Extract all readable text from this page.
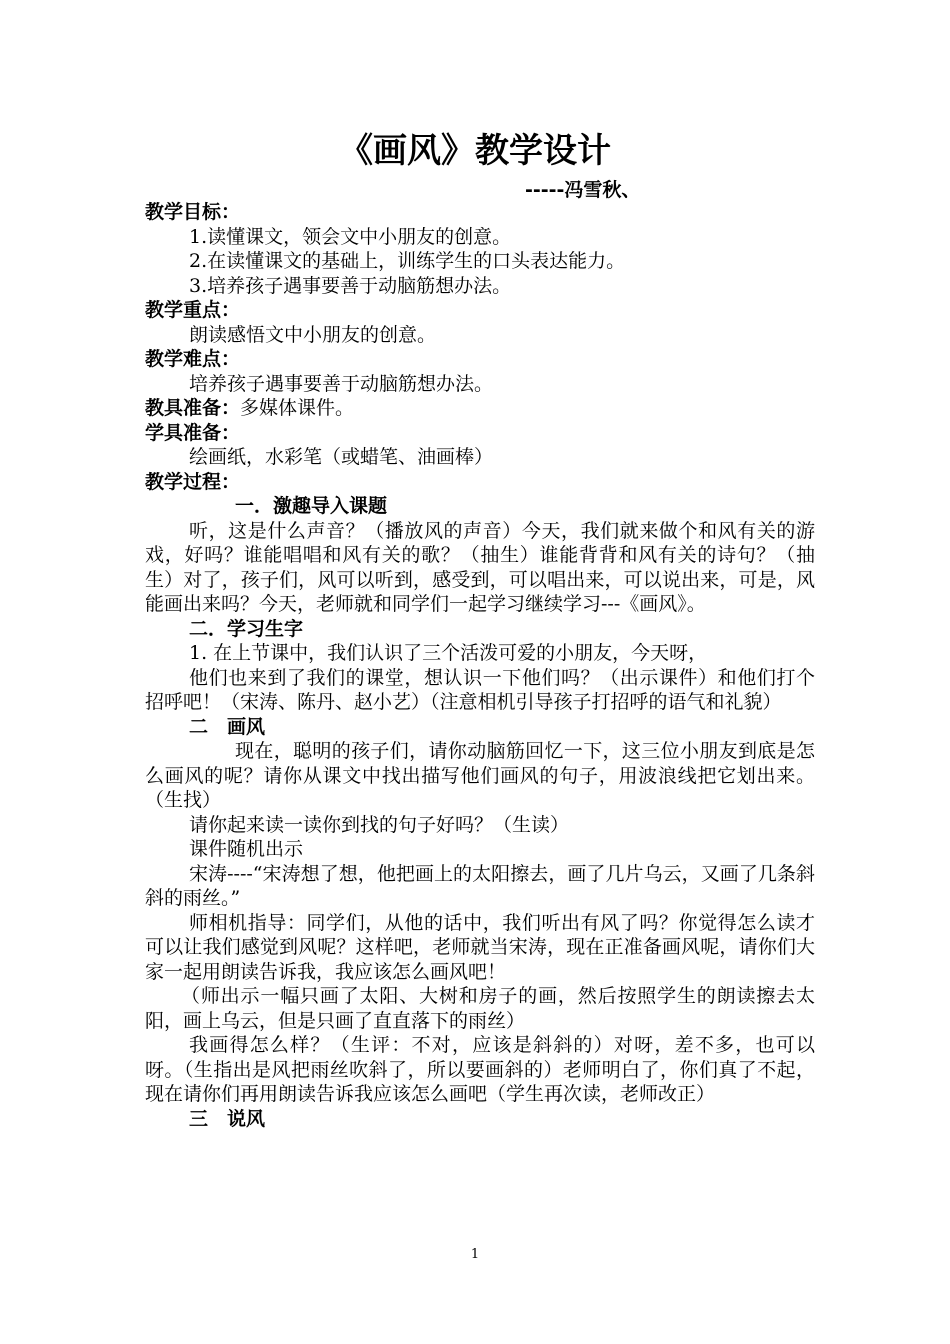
《画风》教学设计
-----冯雪秋、

教学目标：

1.读懂课文，领会文中小朋友的创意。

2.在读懂课文的基础上，训练学生的口头表达能力。

3.培养孩子遇事要善于动脑筋想办法。

教学重点：

朗读感悟文中小朋友的创意。

教学难点：

培养孩子遇事要善于动脑筋想办法。

教具准备：多媒体课件。

学具准备：

绘画纸，水彩笔（或蜡笔、油画棒）

教学过程：

一．激趣导入课题

听，这是什么声音？（播放风的声音）今天，我们就来做个和风有关的游戏，好吗？谁能唱唱和风有关的歌？（抽生）谁能背背和风有关的诗句？（抽生）对了，孩子们，风可以听到，感受到，可以唱出来，可以说出来，可是，风能画出来吗？今天，老师就和同学们一起学习继续学习---《画风》。

二．学习生字

1. 在上节课中，我们认识了三个活泼可爱的小朋友，今天呀，

他们也来到了我们的课堂，想认识一下他们吗？（出示课件）和他们打个招呼吧！（宋涛、陈丹、赵小艺）（注意相机引导孩子打招呼的语气和礼貌）

二　画风

现在，聪明的孩子们，请你动脑筋回忆一下，这三位小朋友到底是怎么画风的呢？请你从课文中找出描写他们画风的句子，用波浪线把它划出来。（生找）

请你起来读一读你到找的句子好吗？（生读）

课件随机出示

宋涛----“宋涛想了想，他把画上的太阳擦去，画了几片乌云，又画了几条斜斜的雨丝。”

师相机指导：同学们，从他的话中，我们听出有风了吗？你觉得怎么读才可以让我们感觉到风呢？这样吧，老师就当宋涛，现在正准备画风呢，请你们大家一起用朗读告诉我，我应该怎么画风吧！

（师出示一幅只画了太阳、大树和房子的画，然后按照学生的朗读擦去太阳，画上乌云，但是只画了直直落下的雨丝）

我画得怎么样？（生评：不对，应该是斜斜的）对呀，差不多，也可以呀。（生指出是风把雨丝吹斜了，所以要画斜的）老师明白了，你们真了不起，现在请你们再用朗读告诉我应该怎么画吧（学生再次读，老师改正）

三　说风

1
